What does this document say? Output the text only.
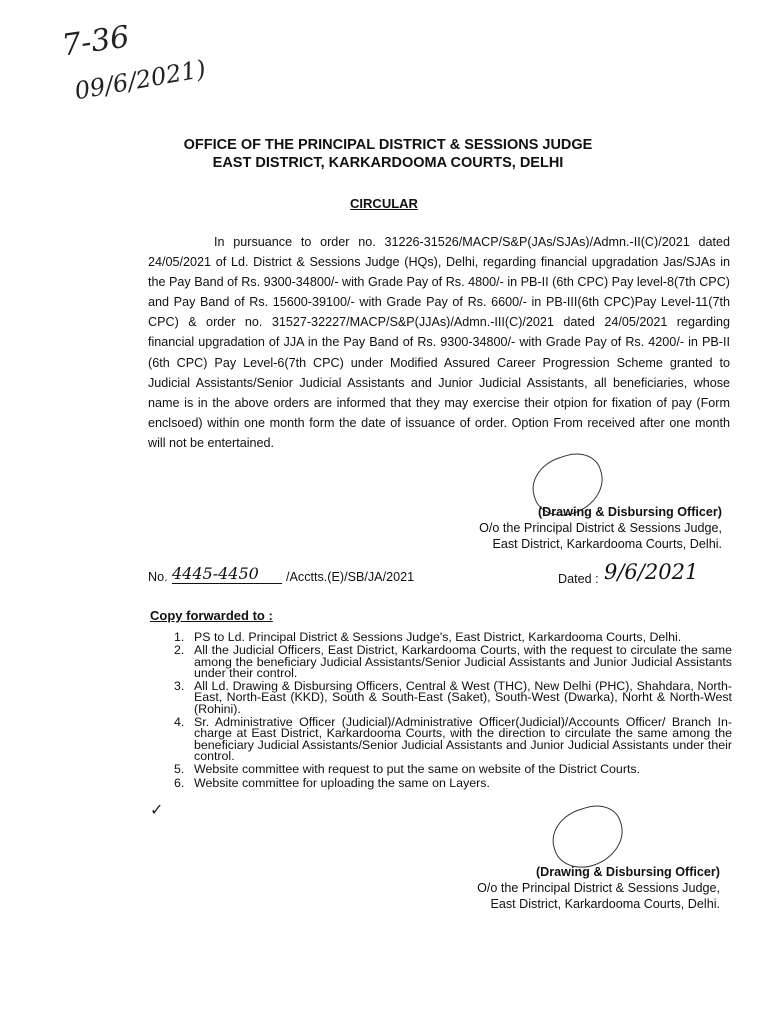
7-36
09/6/2021)
OFFICE OF THE PRINCIPAL DISTRICT & SESSIONS JUDGE
EAST DISTRICT, KARKARDOOMA COURTS, DELHI
CIRCULAR
In pursuance to order no. 31226-31526/MACP/S&P(JAs/SJAs)/Admn.-II(C)/2021 dated 24/05/2021 of Ld. District & Sessions Judge (HQs), Delhi, regarding financial upgradation Jas/SJAs in the Pay Band of Rs. 9300-34800/- with Grade Pay of Rs. 4800/- in PB-II (6th CPC) Pay level-8(7th CPC) and Pay Band of Rs. 15600-39100/- with Grade Pay of Rs. 6600/- in PB-III(6th CPC)Pay Level-11(7th CPC) & order no. 31527-32227/MACP/S&P(JJAs)/Admn.-III(C)/2021 dated 24/05/2021 regarding financial upgradation of JJA in the Pay Band of Rs. 9300-34800/- with Grade Pay of Rs. 4200/- in PB-II (6th CPC) Pay Level-6(7th CPC) under Modified Assured Career Progression Scheme granted to Judicial Assistants/Senior Judicial Assistants and Junior Judicial Assistants, all beneficiaries, whose name is in the above orders are informed that they may exercise their otpion for fixation of pay (Form enclsoed) within one month form the date of issuance of order. Option From received after one month will not be entertained.
(Drawing & Disbursing Officer)
O/o the Principal District & Sessions Judge,
East District, Karkardooma Courts, Delhi.
No. 4445-4450	/Acctts.(E)/SB/JA/2021	Dated : 9/6/2021
Copy forwarded to :
1. PS to Ld. Principal District & Sessions Judge's, East District, Karkardooma Courts, Delhi.
2. All the Judicial Officers, East District, Karkardooma Courts, with the request to circulate the same among the beneficiary Judicial Assistants/Senior Judicial Assistants and Junior Judicial Assistants under their control.
3. All Ld. Drawing & Disbursing Officers, Central & West (THC), New Delhi (PHC), Shahdara, North-East, North-East (KKD), South & South-East (Saket), South-West (Dwarka), Norht & North-West (Rohini).
4. Sr. Administrative Officer (Judicial)/Administrative Officer(Judicial)/Accounts Officer/ Branch In-charge at East District, Karkardooma Courts, with the direction to circulate the same among the beneficiary Judicial Assistants/Senior Judicial Assistants and Junior Judicial Assistants under their control.
5. Website committee with request to put the same on website of the District Courts.
6. Website committee for uploading the same on Layers.
✓
(Drawing & Disbursing Officer)
O/o the Principal District & Sessions Judge,
East District, Karkardooma Courts, Delhi.
